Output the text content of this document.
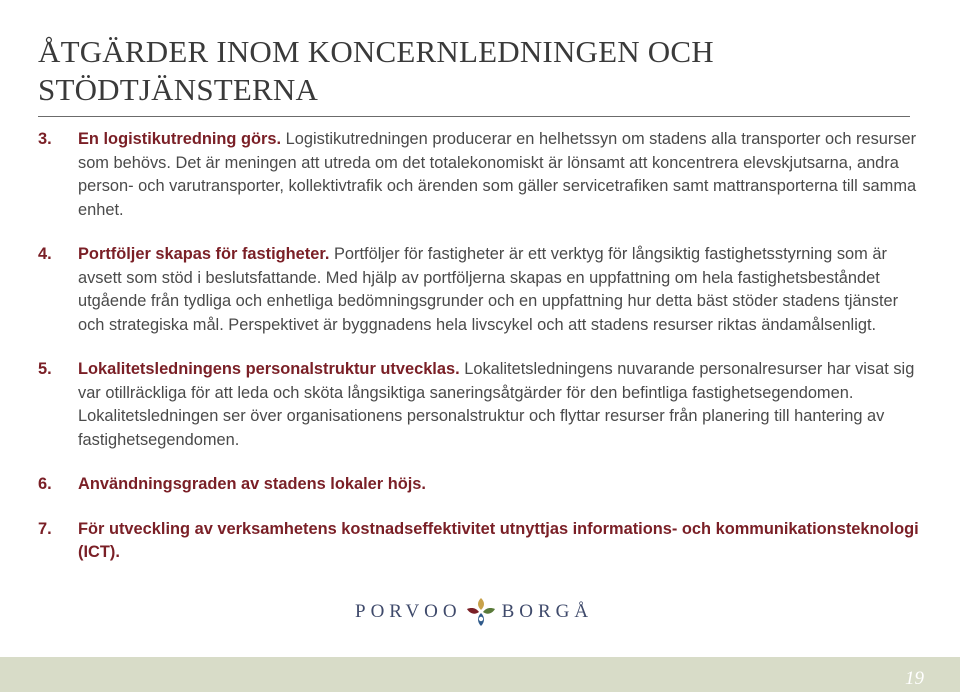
ÅTGÄRDER INOM KONCERNLEDNINGEN OCH
STÖDTJÄNSTERNA
3. En logistikutredning görs. Logistikutredningen producerar en helhetssyn om stadens alla transporter och resurser som behövs. Det är meningen att utreda om det totalekonomiskt är lönsamt att koncentrera elevskjutsarna, andra person- och varutransporter, kollektivtrafik och ärenden som gäller servicetrafiken samt mattransporterna till samma enhet.
4. Portföljer skapas för fastigheter. Portföljer för fastigheter är ett verktyg för långsiktig fastighetsstyrning som är avsett som stöd i beslutsfattande. Med hjälp av portföljerna skapas en uppfattning om hela fastighetsbeståndet utgående från tydliga och enhetliga bedömningsgrunder och en uppfattning hur detta bäst stöder stadens tjänster och strategiska mål. Perspektivet är byggnadens hela livscykel och att stadens resurser riktas ändamålsenligt.
5. Lokalitetsledningens personalstruktur utvecklas. Lokalitetsledningens nuvarande personalresurser har visat sig var otillräckliga för att leda och sköta långsiktiga saneringsåtgärder för den befintliga fastighetsegendomen. Lokalitetsledningen ser över organisationens personalstruktur och flyttar resurser från planering till hantering av fastighetsegendomen.
6. Användningsgraden av stadens lokaler höjs.
7. För utveckling av verksamhetens kostnadseffektivitet utnyttjas informations- och kommunikationsteknologi (ICT).
PORVOO BORGÅ
19
